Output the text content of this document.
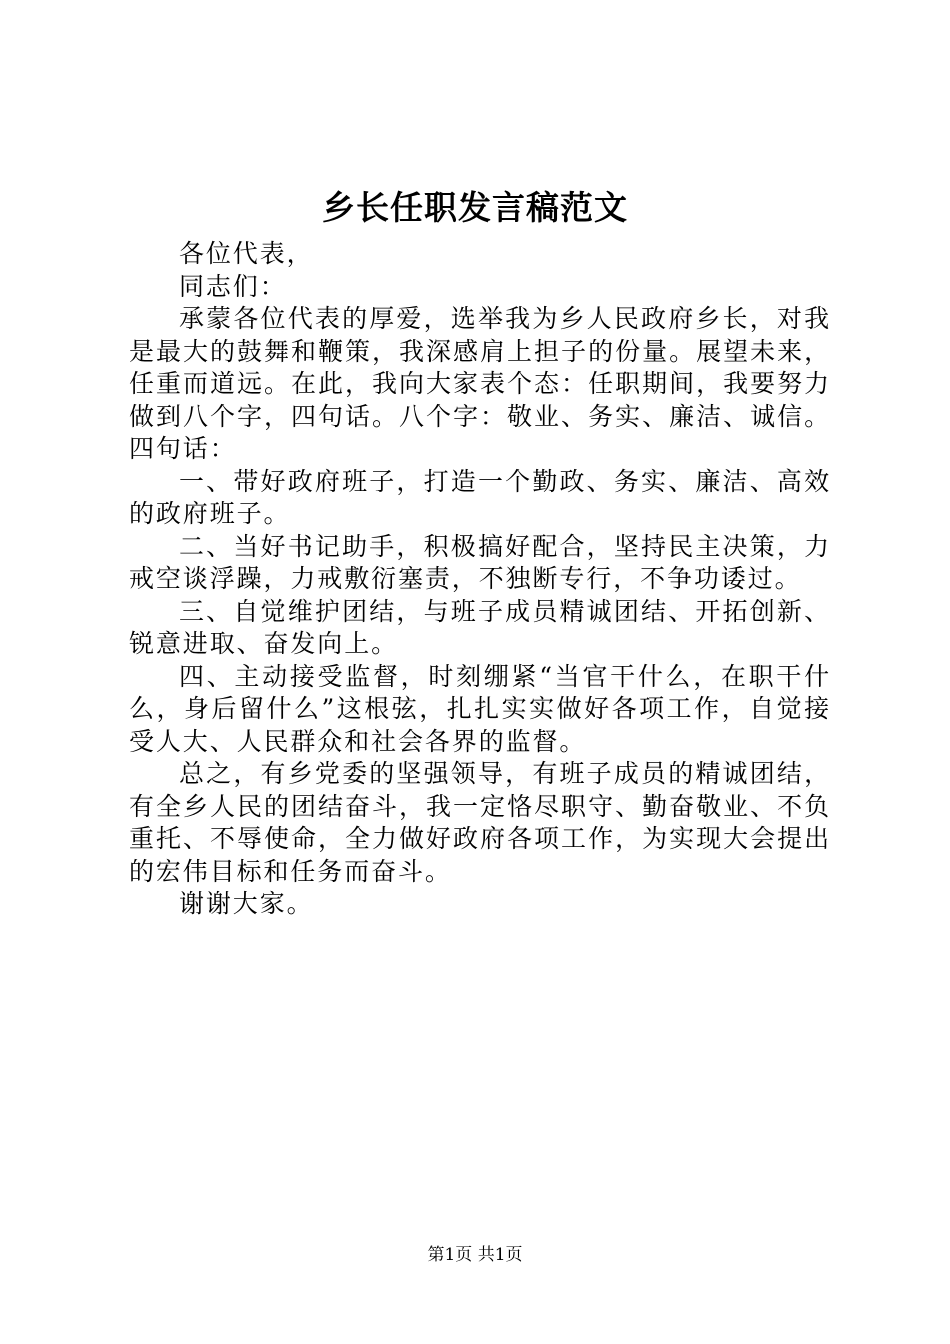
乡长任职发言稿范文

各位代表，

同志们：

承蒙各位代表的厚爱，选举我为乡人民政府乡长，对我是最大的鼓舞和鞭策，我深感肩上担子的份量。展望未来，任重而道远。在此，我向大家表个态：任职期间，我要努力做到八个字，四句话。八个字：敬业、务实、廉洁、诚信。四句话：

一、带好政府班子，打造一个勤政、务实、廉洁、高效的政府班子。

二、当好书记助手，积极搞好配合，坚持民主决策，力戒空谈浮躁，力戒敷衍塞责，不独断专行，不争功诿过。

三、自觉维护团结，与班子成员精诚团结、开拓创新、锐意进取、奋发向上。

四、主动接受监督，时刻绷紧“当官干什么，在职干什么，身后留什么”这根弦，扎扎实实做好各项工作，自觉接受人大、人民群众和社会各界的监督。

总之，有乡党委的坚强领导，有班子成员的精诚团结，有全乡人民的团结奋斗，我一定恪尽职守、勤奋敬业、不负重托、不辱使命，全力做好政府各项工作，为实现大会提出的宏伟目标和任务而奋斗。

谢谢大家。

第1页 共1页
